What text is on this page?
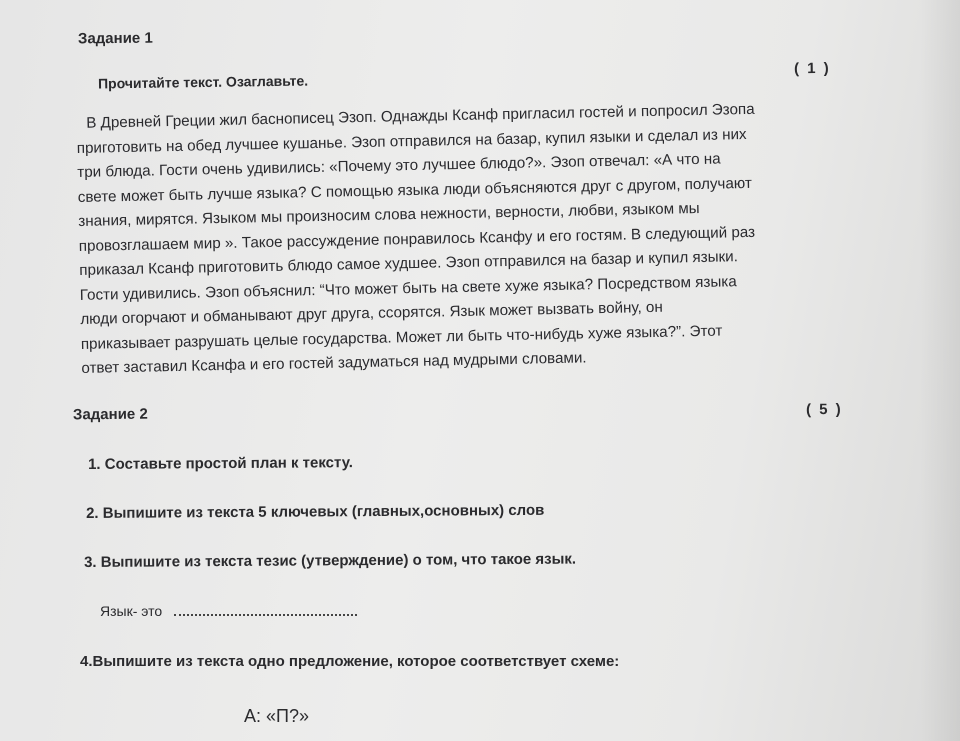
Задание 1
( 1 )
Прочитайте текст. Озаглавьте.
В Древней Греции жил баснописец Эзоп. Однажды Ксанф пригласил гостей и попросил Эзопа
приготовить на обед лучшее кушанье. Эзоп отправился на базар, купил языки и сделал из них
три блюда. Гости очень удивились: «Почему это лучшее блюдо?». Эзоп отвечал: «А что на
свете может быть лучше языка? С помощью языка люди объясняются друг с другом, получают
знания, мирятся. Языком мы произносим слова нежности, верности, любви, языком мы
провозглашаем мир ». Такое рассуждение понравилось Ксанфу и его гостям. В следующий раз
приказал Ксанф приготовить блюдо самое худшее. Эзоп отправился на базар и купил языки.
Гости удивились. Эзоп объяснил: “Что может быть на свете хуже языка? Посредством языка
люди огорчают и обманывают друг друга, ссорятся. Язык может вызвать войну, он
приказывает разрушать целые государства. Может ли быть что-нибудь хуже языка?”. Этот
ответ заставил Ксанфа и его гостей задуматься над мудрыми словами.
Задание 2	( 5 )
1. Составьте простой план к тексту.
2. Выпишите из текста 5 ключевых (главных,основных) слов
3. Выпишите из текста тезис (утверждение) о том, что такое язык.
Язык- это
4.Выпишите из текста одно предложение, которое соответствует схеме:
А: «П?»
